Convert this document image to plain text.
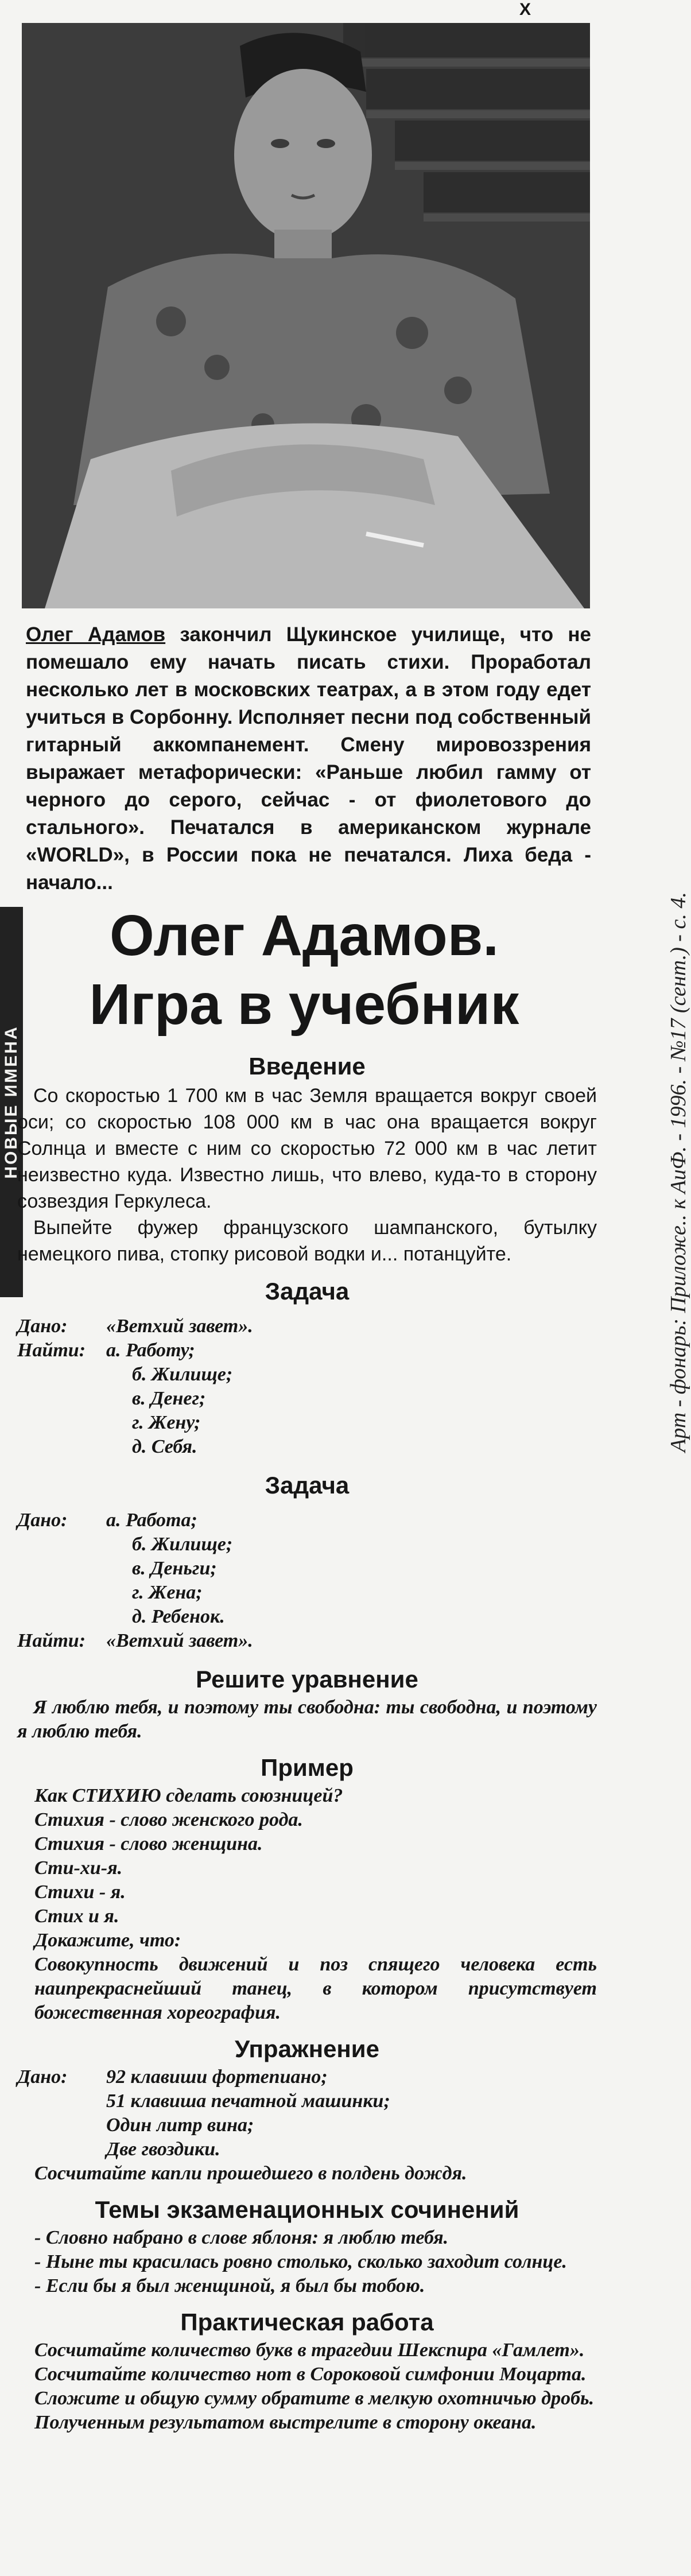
Х
Олег Адамов закончил Щукинское училище, что не помешало ему начать писать стихи. Проработал несколько лет в московских театрах, а в этом году едет учиться в Сорбонну. Исполняет песни под собственный гитарный аккомпанемент. Смену мировоззрения выражает метафорически: «Раньше любил гамму от черного до серого, сейчас - от фиолетового до стального». Печатался в американском журнале «WORLD», в России пока не печатался. Лиха беда - начало...
НОВЫЕ ИМЕНА
Олег Адамов.
Игра в учебник
Введение

Со скоростью 1 700 км в час Земля вращается вокруг своей оси; со скоростью 108 000 км в час она вращается вокруг Солнца и вместе с ним со скоростью 72 000 км в час летит неизвестно куда. Известно лишь, что влево, куда-то в сторону созвездия Геркулеса.

Выпейте фужер французского шампанского, бутылку немецкого пива, стопку рисовой водки и... потанцуйте.

Задача
Дано:	«Ветхий завет».
Найти:	а. Работу;
б. Жилище;
в. Денег;
г. Жену;
д. Себя.
Задача
Дано:	а. Работа;
б. Жилище;
в. Деньги;
г. Жена;
д. Ребенок.
Найти:	«Ветхий завет».
Решите уравнение
Я люблю тебя, и поэтому ты свободна: ты свободна, и поэтому я люблю тебя.
Пример
Как СТИХИЮ сделать союзницей?
Стихия - слово женского рода.
Стихия - слово женщина.
Сти-хи-я.
Стихи - я.
Стих и я.
Докажите, что:
Совокупность движений и поз спящего человека есть наипрекраснейший танец, в котором присутствует божественная хореография.
Упражнение
Дано:	92 клавиши фортепиано;
51 клавиша печатной машинки;
Один литр вина;
Две гвоздики.
Сосчитайте капли прошедшего в полдень дождя.
Темы экзаменационных сочинений
- Словно набрано в слове яблоня: я люблю тебя.
- Ныне ты красилась ровно столько, сколько заходит солнце.
- Если бы я был женщиной, я был бы тобою.
Практическая работа
Сосчитайте количество букв в трагедии Шекспира «Гамлет».
Сосчитайте количество нот в Сороковой симфонии Моцарта.
Сложите и общую сумму обратите в мелкую охотничью дробь.
Полученным результатом выстрелите в сторону океана.
Арт - фонарь: Приложе.. к АиФ. - 1996. - №17 (сент.) - с. 4.
